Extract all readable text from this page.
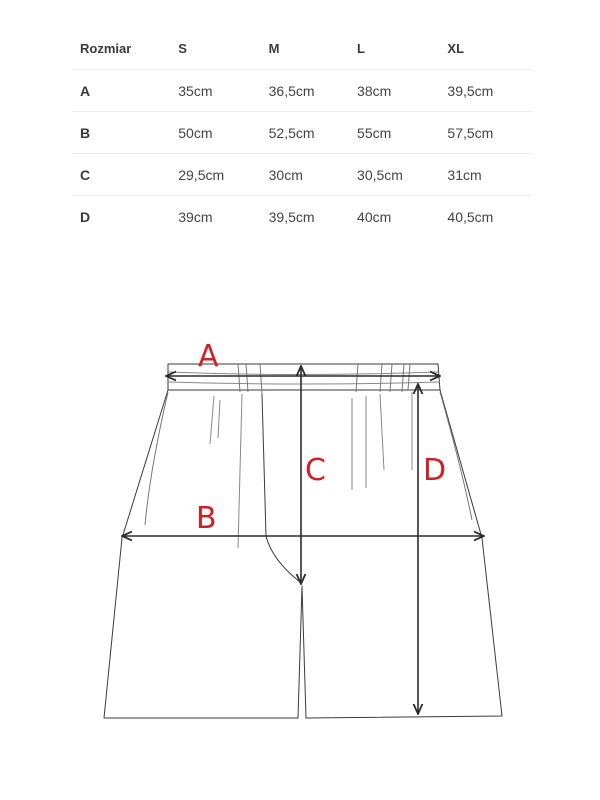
Rozmiar	S	M	L	XL
A	35cm	36,5cm	38cm	39,5cm
B	50cm	52,5cm	55cm	57,5cm
C	29,5cm	30cm	30,5cm	31cm
D	39cm	39,5cm	40cm	40,5cm
A
B
C	D
